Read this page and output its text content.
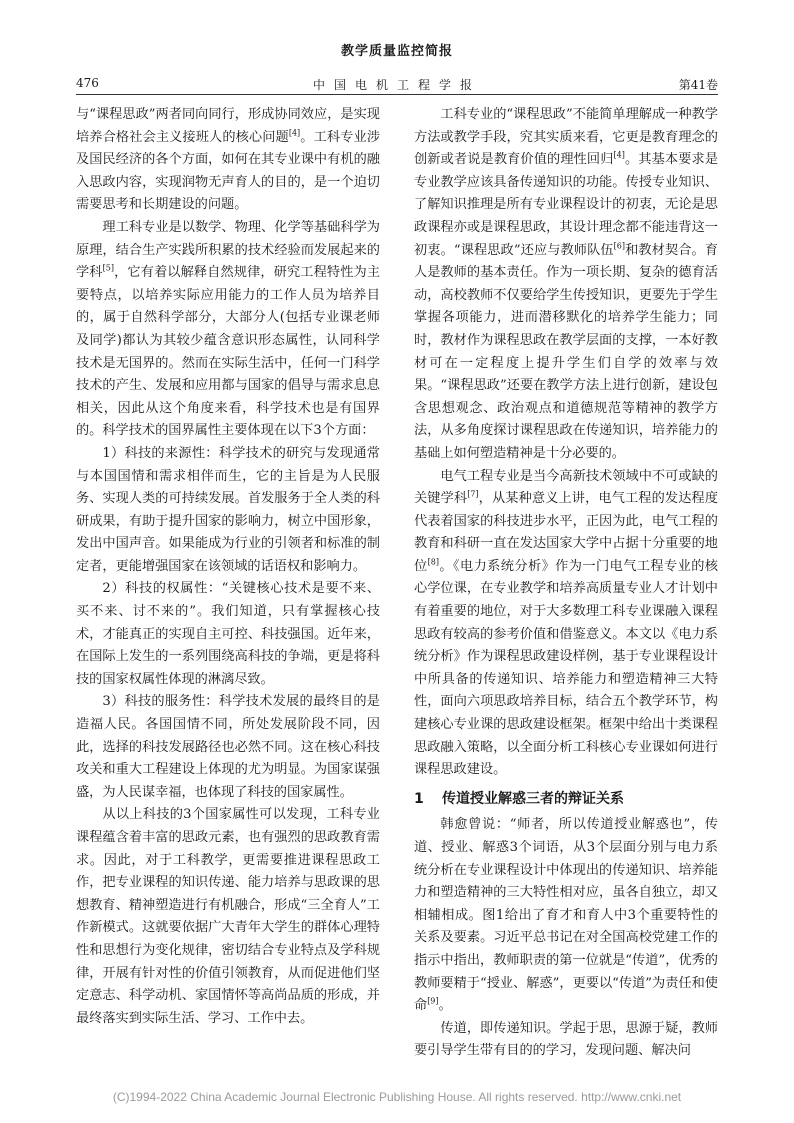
教学质量监控简报
476	中国电机工程学报	第41卷

与“课程思政”两者同向同行，形成协同效应，是实现培养合格社会主义接班人的核心问题[4]。工科专业涉及国民经济的各个方面，如何在其专业课中有机的融入思政内容，实现润物无声育人的目的，是一个迫切需要思考和长期建设的问题。

理工科专业是以数学、物理、化学等基础科学为原理，结合生产实践所积累的技术经验而发展起来的学科[5]，它有着以解释自然规律，研究工程特性为主要特点，以培养实际应用能力的工作人员为培养目的，属于自然科学部分，大部分人(包括专业课老师及同学)都认为其较少蕴含意识形态属性，认同科学技术是无国界的。然而在实际生活中，任何一门科学技术的产生、发展和应用都与国家的倡导与需求息息相关，因此从这个角度来看，科学技术也是有国界的。科学技术的国界属性主要体现在以下3个方面：

1）科技的来源性：科学技术的研究与发现通常与本国国情和需求相伴而生，它的主旨是为人民服务、实现人类的可持续发展。首发服务于全人类的科研成果，有助于提升国家的影响力，树立中国形象，发出中国声音。如果能成为行业的引领者和标准的制定者，更能增强国家在该领域的话语权和影响力。

2）科技的权属性：“关键核心技术是要不来、买不来、讨不来的”。我们知道，只有掌握核心技术，才能真正的实现自主可控、科技强国。近年来，在国际上发生的一系列围绕高科技的争端，更是将科技的国家权属性体现的淋漓尽致。

3）科技的服务性：科学技术发展的最终目的是造福人民。各国国情不同，所处发展阶段不同，因此，选择的科技发展路径也必然不同。这在核心科技攻关和重大工程建设上体现的尤为明显。为国家谋强盛，为人民谋幸福，也体现了科技的国家属性。

从以上科技的3个国家属性可以发现，工科专业课程蕴含着丰富的思政元素，也有强烈的思政教育需求。因此，对于工科教学，更需要推进课程思政工作，把专业课程的知识传递、能力培养与思政课的思想教育、精神塑造进行有机融合，形成“三全育人”工作新模式。这就要依据广大青年大学生的群体心理特性和思想行为变化规律，密切结合专业特点及学科规律，开展有针对性的价值引领教育，从而促进他们坚定意志、科学动机、家国情怀等高尚品质的形成，并最终落实到实际生活、学习、工作中去。

工科专业的“课程思政”不能简单理解成一种教学方法或教学手段，究其实质来看，它更是教育理念的创新或者说是教育价值的理性回归[4]。其基本要求是专业教学应该具备传递知识的功能。传授专业知识、了解知识推理是所有专业课程设计的初衷，无论是思政课程亦或是课程思政，其设计理念都不能违背这一初衷。“课程思政”还应与教师队伍[6]和教材契合。育人是教师的基本责任。作为一项长期、复杂的德育活动，高校教师不仅要给学生传授知识，更要先于学生掌握各项能力，进而潜移默化的培养学生能力；同时，教材作为课程思政在教学层面的支撑，一本好教材可在一定程度上提升学生们自学的效率与效果。“课程思政”还要在教学方法上进行创新，建设包含思想观念、政治观点和道德规范等精神的教学方法，从多角度探讨课程思政在传递知识，培养能力的基础上如何塑造精神是十分必要的。

电气工程专业是当今高新技术领域中不可或缺的关键学科[7]，从某种意义上讲，电气工程的发达程度代表着国家的科技进步水平，正因为此，电气工程的教育和科研一直在发达国家大学中占据十分重要的地位[8]。《电力系统分析》作为一门电气工程专业的核心学位课，在专业教学和培养高质量专业人才计划中有着重要的地位，对于大多数理工科专业课融入课程思政有较高的参考价值和借鉴意义。本文以《电力系统分析》作为课程思政建设样例，基于专业课程设计中所具备的传递知识、培养能力和塑造精神三大特性，面向六项思政培养目标，结合五个教学环节，构建核心专业课的思政建设框架。框架中给出十类课程思政融入策略，以全面分析工科核心专业课如何进行课程思政建设。

1 传道授业解惑三者的辩证关系

韩愈曾说：“师者，所以传道授业解惑也”，传道、授业、解惑3个词语，从3个层面分别与电力系统分析在专业课程设计中体现出的传递知识、培养能力和塑造精神的三大特性相对应，虽各自独立，却又相辅相成。图1给出了育才和育人中3个重要特性的关系及要素。习近平总书记在对全国高校党建工作的指示中指出，教师职责的第一位就是“传道”，优秀的教师要精于“授业、解惑”，更要以“传道”为责任和使命[9]。

传道，即传递知识。学起于思，思源于疑，教师要引导学生带有目的的学习，发现问题、解决问

(C)1994-2022 China Academic Journal Electronic Publishing House. All rights reserved. http://www.cnki.net
